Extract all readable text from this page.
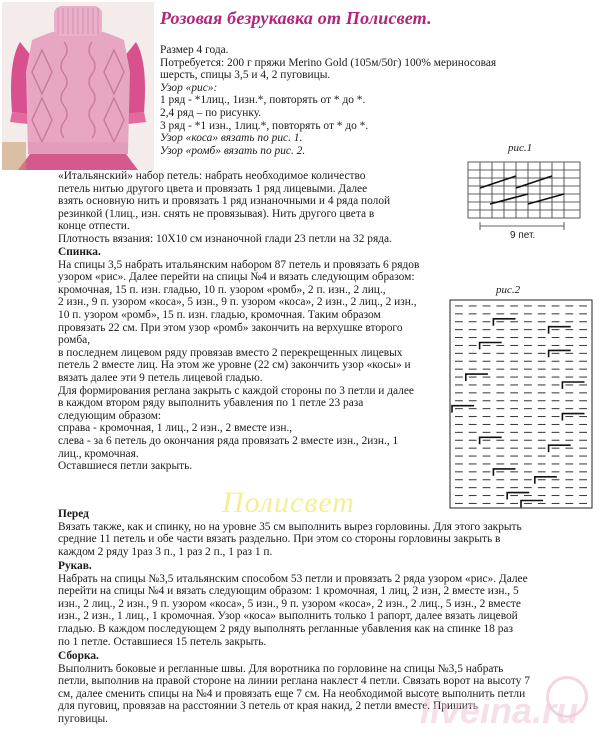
Розовая безрукавка от Полисвет.
Размер 4 года.
Потребуется: 200 г пряжи Merino Gold (105м/50г) 100% мериносовая
шерсть, спицы 3,5 и 4, 2 пуговицы.
Узор «рис»:
1 ряд - *1лиц., 1изн.*, повторять от * до *.
2,4 ряд – по рисунку.
3 ряд - *1 изн., 1лиц.*, повторять от * до *.
Узор «коса» вязать по рис. 1.
Узор «ромб» вязать по рис. 2.
«Итальянский» набор петель: набрать необходимое количество
петель нитью другого цвета и провязать 1 ряд лицевыми. Далее
взять основную нить и провязать 1 ряд изнаночными и 4 ряда полой
резинкой (1лиц., изн. снять не провязывая). Нить другого цвета в
конце отпести.
Плотность вязания: 10Х10 см изнаночной глади 23 петли на 32 ряда.
Спинка.
На спицы 3,5 набрать итальянским набором 87 петель и провязать 6 рядов
узором «рис». Далее перейти на спицы №4 и вязать следующим образом:
кромочная, 15 п. изн. гладью, 10 п. узором «ромб», 2 п. изн., 2 лиц.,
2 изн., 9 п. узором «коса», 5 изн., 9 п. узором «коса», 2 изн., 2 лиц., 2 изн.,
10 п. узором «ромб», 15 п. изн. гладью, кромочная. Таким образом
провязать 22 см. При этом узор «ромб» закончить на верхушке второго
ромба,
в последнем лицевом ряду провязав вместо 2 перекрещенных лицевых
петель 2 вместе лиц. На этом же уровне (22 см) закончить узор «косы» и
вязать далее эти 9 петель лицевой гладью.
Для формирования реглана закрыть с каждой стороны по 3 петли и далее
в каждом втором ряду выполнить убавления по 1 петле 23 раза
следующим образом:
справа - кромочная, 1 лиц., 2 изн., 2 вместе изн.,
слева - за 6 петель до окончания ряда провязать 2 вместе изн., 2изн., 1
лиц., кромочная.
Оставшиеся петли закрыть.
Перед
Вязать также, как и спинку, но на уровне 35 см выполнить вырез горловины. Для этого закрыть
средние 11 петель и обе части вязать раздельно. При этом со стороны горловины закрыть в
каждом 2 ряду 1раз 3 п., 1 раз 2 п., 1 раз 1 п.
Рукав.
Набрать на спицы №3,5 итальянским способом 53 петли и провязать 2 ряда узором «рис». Далее
перейти на спицы №4 и вязать следующим образом: 1 кромочная, 1 лиц, 2 изн, 2 вместе изн., 5
изн., 2 лиц., 2 изн., 9 п. узором «коса», 5 изн., 9 п. узором «коса», 2 изн., 2 лиц., 5 изн., 2 вместе
изн., 2 изн., 1 лиц., 1 кромочная. Узор «коса» выполнить только 1 рапорт, далее вязать лицевой
гладью. В каждом последующем 2 ряду выполнять регланные убавления как на спинке 18 раз
по 1 петле. Оставшиеся 15 петель закрыть.
Сборка.
Выполнить боковые и регланные швы. Для воротника по горловине на спицы №3,5 набрать
петли, выполнив на правой стороне на линии реглана наклест 4 петли. Связать ворот на высоту 7
см, далее сменить спицы на №4 и провязать еще 7 см. На необходимой высоте выполнить петли
для пуговиц, провязав на расстоянии 3 петель от края накид, 2 петли вместе. Пришить
пуговицы.
рис.1
9 пет.
рис.2
Полисвет
liveina.ru
